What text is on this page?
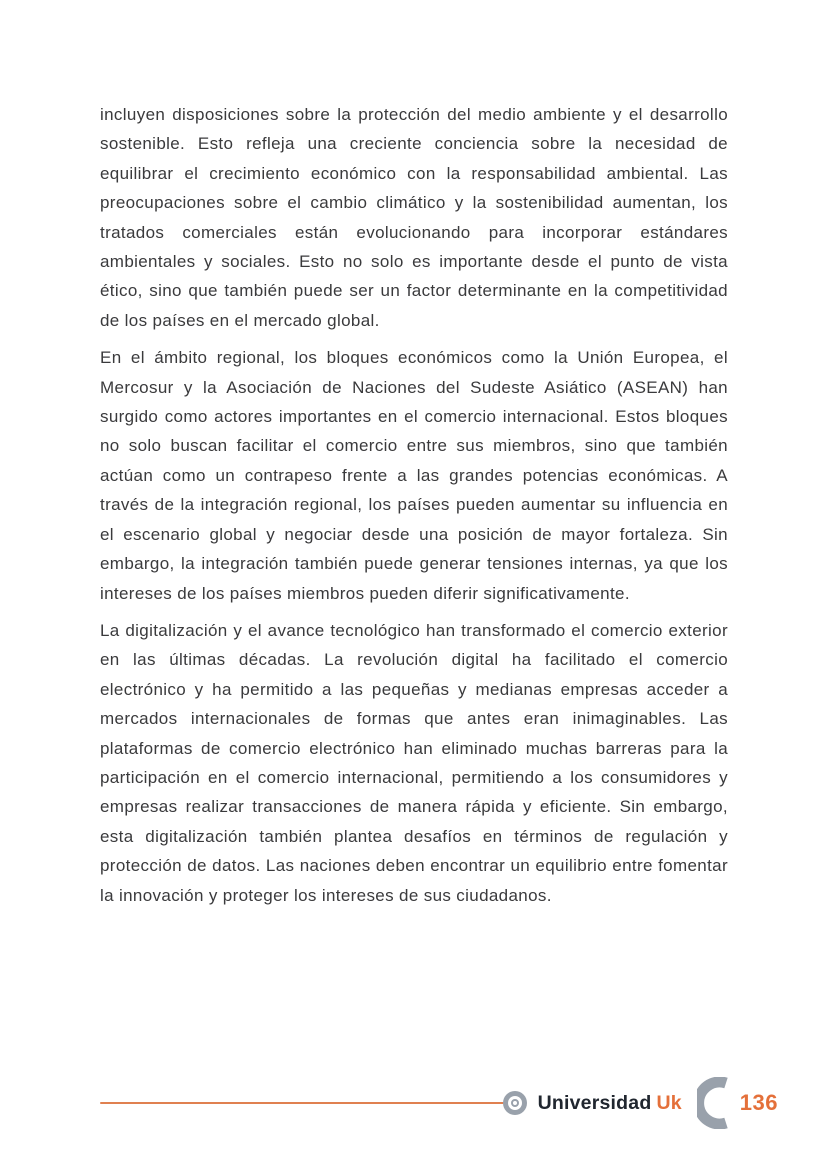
incluyen disposiciones sobre la protección del medio ambiente y el desarrollo sostenible. Esto refleja una creciente conciencia sobre la necesidad de equilibrar el crecimiento económico con la responsabilidad ambiental. Las preocupaciones sobre el cambio climático y la sostenibilidad aumentan, los tratados comerciales están evolucionando para incorporar estándares ambientales y sociales. Esto no solo es importante desde el punto de vista ético, sino que también puede ser un factor determinante en la competitividad de los países en el mercado global.

En el ámbito regional, los bloques económicos como la Unión Europea, el Mercosur y la Asociación de Naciones del Sudeste Asiático (ASEAN) han surgido como actores importantes en el comercio internacional. Estos bloques no solo buscan facilitar el comercio entre sus miembros, sino que también actúan como un contrapeso frente a las grandes potencias económicas. A través de la integración regional, los países pueden aumentar su influencia en el escenario global y negociar desde una posición de mayor fortaleza. Sin embargo, la integración también puede generar tensiones internas, ya que los intereses de los países miembros pueden diferir significativamente.

La digitalización y el avance tecnológico han transformado el comercio exterior en las últimas décadas. La revolución digital ha facilitado el comercio electrónico y ha permitido a las pequeñas y medianas empresas acceder a mercados internacionales de formas que antes eran inimaginables. Las plataformas de comercio electrónico han eliminado muchas barreras para la participación en el comercio internacional, permitiendo a los consumidores y empresas realizar transacciones de manera rápida y eficiente. Sin embargo, esta digitalización también plantea desafíos en términos de regulación y protección de datos. Las naciones deben encontrar un equilibrio entre fomentar la innovación y proteger los intereses de sus ciudadanos.

Universidad Uk	136
